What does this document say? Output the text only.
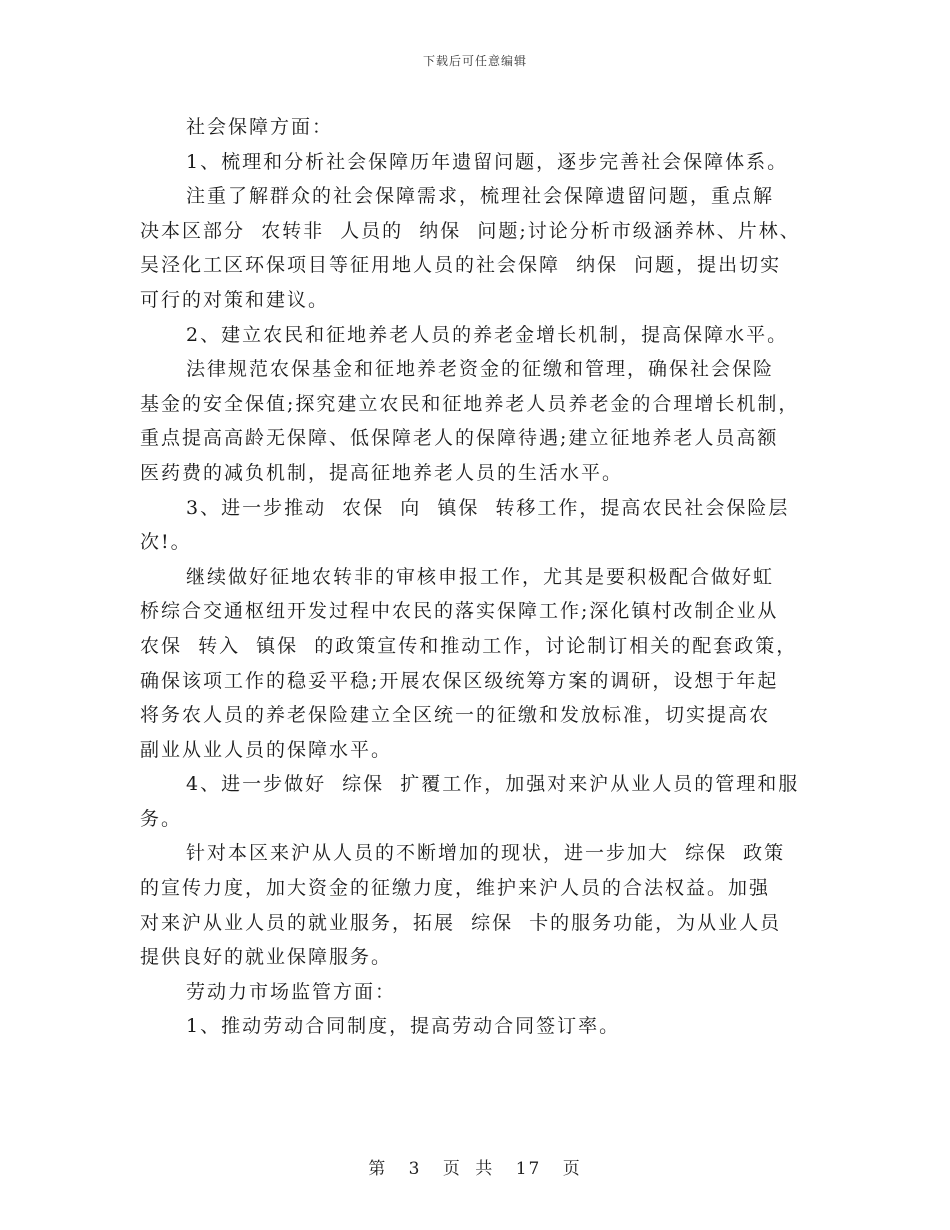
下载后可任意编辑
社会保障方面：
1、梳理和分析社会保障历年遗留问题，逐步完善社会保障体系。
注重了解群众的社会保障需求，梳理社会保障遗留问题，重点解
决本区部分  农转非  人员的  纳保  问题;讨论分析市级涵养林、片林、
吴泾化工区环保项目等征用地人员的社会保障  纳保  问题，提出切实
可行的对策和建议。
2、建立农民和征地养老人员的养老金增长机制，提高保障水平。
法律规范农保基金和征地养老资金的征缴和管理，确保社会保险
基金的安全保值;探究建立农民和征地养老人员养老金的合理增长机制，
重点提高高龄无保障、低保障老人的保障待遇;建立征地养老人员高额
医药费的减负机制，提高征地养老人员的生活水平。
3、进一步推动  农保  向  镇保  转移工作，提高农民社会保险层
次!。
继续做好征地农转非的审核申报工作，尤其是要积极配合做好虹
桥综合交通枢纽开发过程中农民的落实保障工作;深化镇村改制企业从
农保  转入  镇保  的政策宣传和推动工作，讨论制订相关的配套政策，
确保该项工作的稳妥平稳;开展农保区级统筹方案的调研，设想于年起
将务农人员的养老保险建立全区统一的征缴和发放标准，切实提高农
副业从业人员的保障水平。
4、进一步做好  综保  扩覆工作，加强对来沪从业人员的管理和服
务。
针对本区来沪从人员的不断增加的现状，进一步加大  综保  政策
的宣传力度，加大资金的征缴力度，维护来沪人员的合法权益。加强
对来沪从业人员的就业服务，拓展  综保  卡的服务功能，为从业人员
提供良好的就业保障服务。
劳动力市场监管方面：
1、推动劳动合同制度，提高劳动合同签订率。
第 3 页 共 17 页
